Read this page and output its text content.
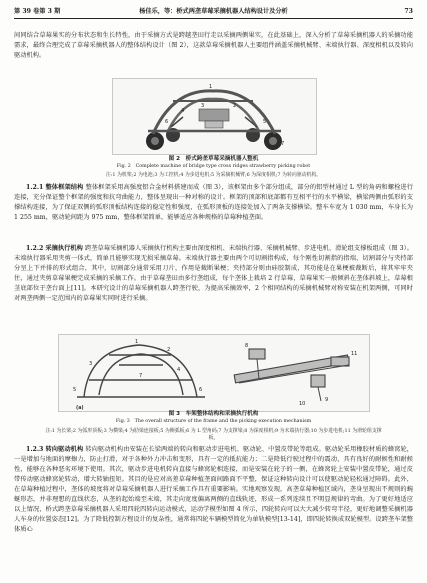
第 39 卷第 3 期	杨佳乐，等：桥式两垄草莓采摘机器人结构设计及分析	73

间同结合草莓果实的分布状态和生长特性，由于采摘方式是跨越垄田行走以采摘两侧果实，在此基础上，深入分析了草莓采摘机器人的采摘功能需求，最终合理完成了草莓采摘机器人的整体结构设计（图 2），这款草莓采摘机器人主要组件涵盖采摘机械臂、末端执行器、深度相机以及转向驱动机构。

1
2
3
4
5
6
7

图 2　桥式跨垄草莓采摘机器人整机
Fig. 2　Complete machine of bridge type cross ridges strawberry picking robot

注:1 为机架;2 为电池;3 为工控机;4 为步进电机;5 为采摘机械臂;6 为深度相机;7 为转向驱动机构。

1.2.1 整体框架结构 整体框架采用高强度铝合金材料搭建而成（图 3），该框架由多个部分组成，部分的铝型材通过 L 型的角码和螺栓进行连接，充分保证整个框架的强度和抗弯曲能力，整体呈现出一种对称的设计。框架的顶部和底部都有互相平行的水平横梁，横梁两侧由弧形的支撑结构连接，为了保证双侧的弧形顶板结构连接的稳定性和强度，在弧形顶板的连接处加入了两条支撑横梁。整车车宽为 1 030 mm，车身长为 1 255 mm，驱动轮间距为 975 mm，整体框架简单，能够适应各种规格的草莓种植垄面。

1.2.2 采摘执行机构 跨垄草莓采摘机器人采摘执行机构主要由深度相机、末端执行器、采摘机械臂、步进电机、滑轮组支撑板组成（图 3）。末端执行器采用夹剪一体式，简单且能够实现无损采摘草莓。末端执行器主要由两个可切割指构成，每个刚性切割指的指端，切割部分与夹持部分呈上下并排的形式组合，其中，切割部分通常采用刀片，作用是裁断果梗；夹持部分则由硅胶制成，其功能是在果梗被裁断后，将其牢牢夹住，通过夹剪草莓果梗完成采摘的采摘工作。由于草莓垄田由多行垄组成，每个垄体上栽培 2 行草莓，草莓果实一般倾斜在垄体斜坡上，草莓根茎底部位于垄台面上[11]。本研究设计的草莓采摘机器人跨垄行驶，为提高采摘效率，2 个相同结构的采摘机械臂对称安装在机架两侧，可同时对两垄两侧一定范围内的草莓果实同时进行采摘。

1
2
3
4
5	6
7
8
9
10
11
(a)

图 3　车架整体结构和采摘执行机构
Fig. 3　The overall structure of the frame and the picking execution mechanism

注:1 为长梁;2 为弧形顶板;3 为横梁;4 为肋梁连接板;5 为侧弧板;6 为 L 型角码;7 为支撑梁;8 为深度相机;9 为末端执行器;10 为步进电机;11 为滑轮组支撑板。

1.2.3 转向驱动机构 转向驱动机构由安装在长梁两端的转向和驱动步进电机、驱动轮、中置皮带轮等组成。驱动轮采用橡胶材质的蜂窝轮，一是增加与地面的摩擦力，防止打滑，对于各种外力冲击和变形，具有一定的抵抗能力；二是降低行驶过程中的震动，具有良好的耐候性和耐候性，能够在各种恶劣环境下使用。其次，驱动步进电机转向直接与蜂窝轮相连接，而是安装在轮子的一侧，在蜂窝轮上安装中置皮带轮，通过皮带传动驱动蜂窝轮转动，增大转轴扭矩。其目的是应对高差草莓种植垄面间路面不平整，保证这种转向设计可以使驱动轮轻松通过障碍。此外，在草莓种植过程中，垄体的坡度将对草莓采摘机器人进行采摘工作具有重要影响。实地观察发现，高垄草莓种植区域内，垄身呈现出不规则的蜿蜒形态，并非理想的直线状态，从垄的起始端至末端，其走向宽度偏离两侧的直线轨迹，形成一系列连续且不明显规律的弯曲。为了更好地适应以上情况，桥式跨垄草莓采摘机器人采用四轮四转向运动模式，运动学模型如图 4 所示，四轮转向可以大大减少转弯半径，更好地调整采摘机器人车身的位置姿态[12]。为了降低控制方程设计的复杂性，通常将四轮车辆模型简化为单轨模型[13-14]，即四轮转换成双轮模型。设跨垄车架整体质心
